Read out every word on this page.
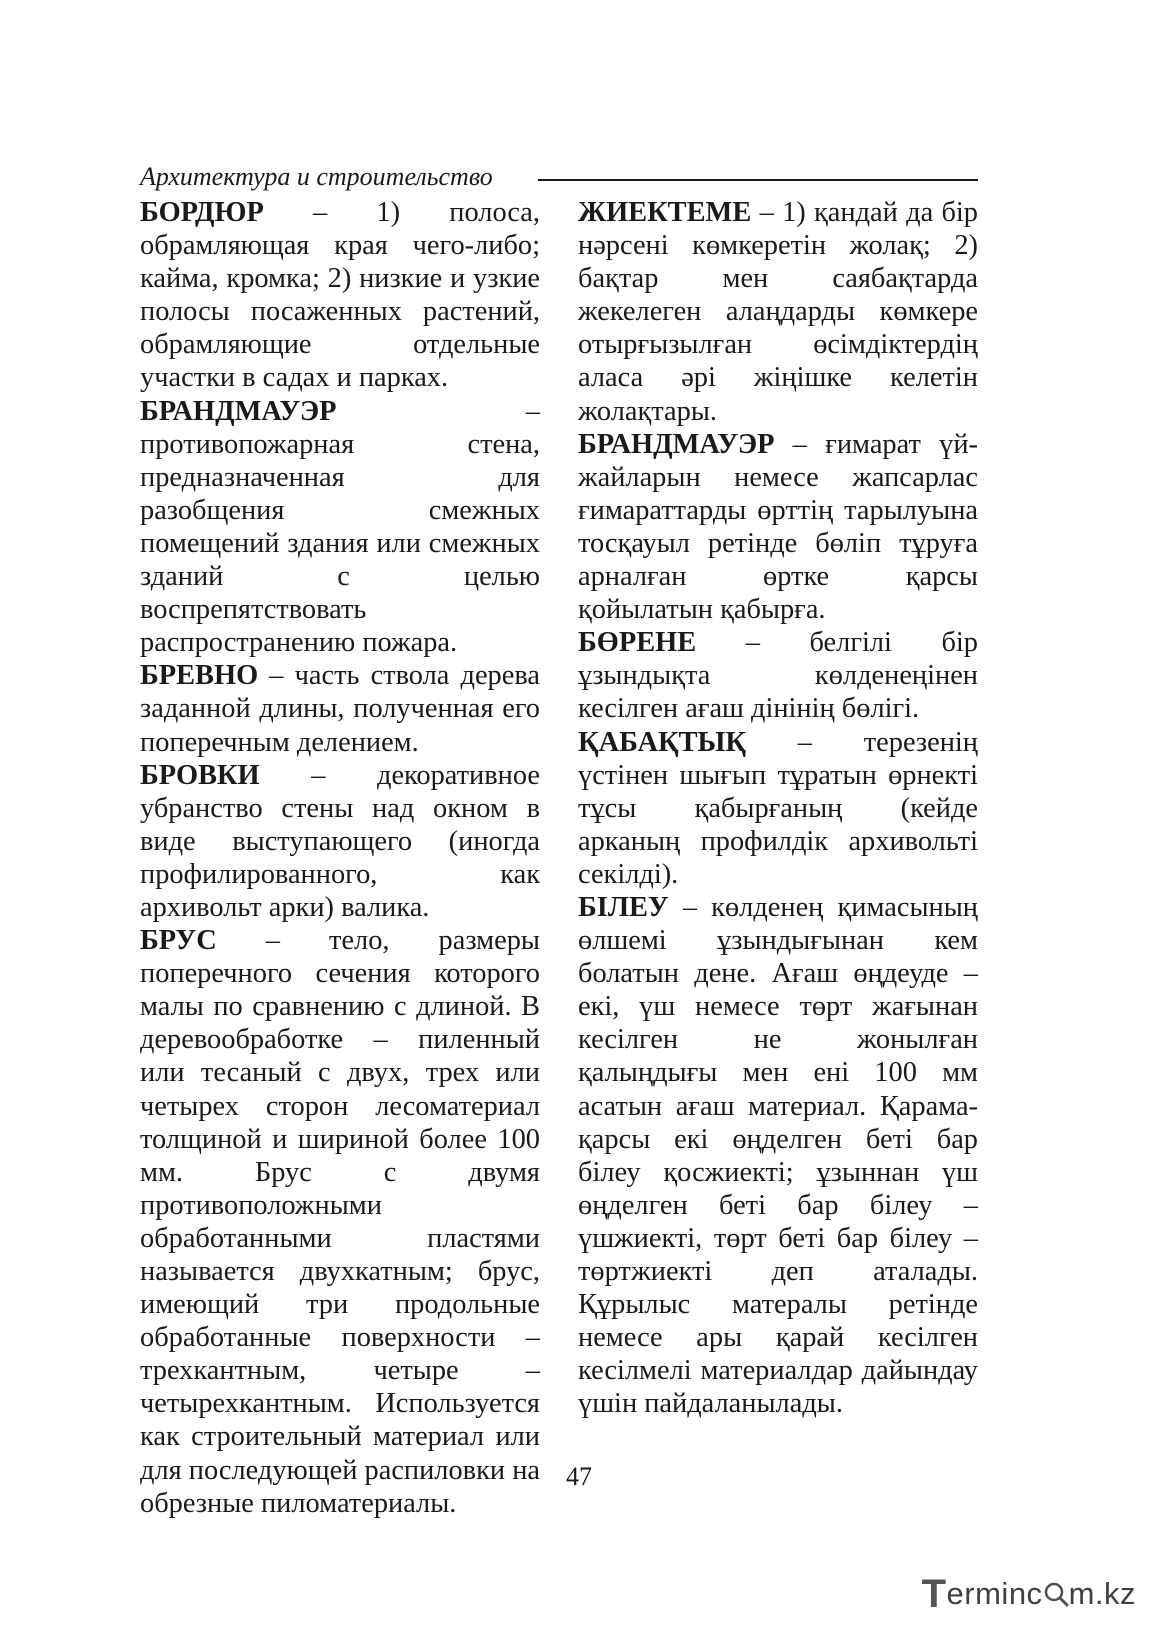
Архитектура и строительство

БОРДЮР – 1) полоса, обрамляющая края чего-либо; кайма, кромка; 2) низкие и узкие полосы посаженных растений, обрамляющие отдельные участки в садах и парках.

БРАНДМАУЭР – противопожарная стена, предназначенная для разобщения смежных помещений здания или смежных зданий с целью воспрепятствовать распространению пожара.

БРЕВНО – часть ствола дерева заданной длины, полученная его поперечным делением.

БРОВКИ – декоративное убранство стены над окном в виде выступающего (иногда профилированного, как архивольт арки) валика.

БРУС – тело, размеры поперечного сечения которого малы по сравнению с длиной. В деревообработке – пиленный или тесаный с двух, трех или четырех сторон лесоматериал толщиной и шириной более 100 мм. Брус с двумя противоположными обработанными пластями называется двухкатным; брус, имеющий три продольные обработанные поверхности – трехкантным, четыре – четырехкантным. Используется как строительный материал или для последующей распиловки на обрезные пиломатериалы.

ЖИЕКТЕМЕ – 1) қандай да бір нәрсені көмкеретін жолақ; 2) бақтар мен саябақтарда жекелеген алаңдарды көмкере отырғызылған өсімдіктердің аласа әрі жіңішке келетін жолақтары.

БРАНДМАУЭР – ғимарат үй-жайларын немесе жапсарлас ғимараттарды өрттің тарылуына тосқауыл ретінде бөліп тұруға арналған өртке қарсы қойылатын қабырға.

БӨРЕНЕ – белгілі бір ұзындықта көлденеңінен кесілген ағаш дінінің бөлігі.

ҚАБАҚТЫҚ – терезенің үстінен шығып тұратын өрнекті тұсы қабырғаның (кейде арканың профилдік архивольті секілді).

БІЛЕУ – көлденең қимасының өлшемі ұзындығынан кем болатын дене. Ағаш өңдеуде – екі, үш немесе төрт жағынан кесілген не жонылған қалыңдығы мен ені 100 мм асатын ағаш материал. Қарама-қарсы екі өңделген беті бар білеу қосжиекті; ұзыннан үш өңделген беті бар білеу – үшжиекті, төрт беті бар білеу – төртжиекті деп аталады. Құрылыс матералы ретінде немесе ары қарай кесілген кесілмелі материалдар дайындау үшін пайдаланылады.

47
Terminc m.kz
